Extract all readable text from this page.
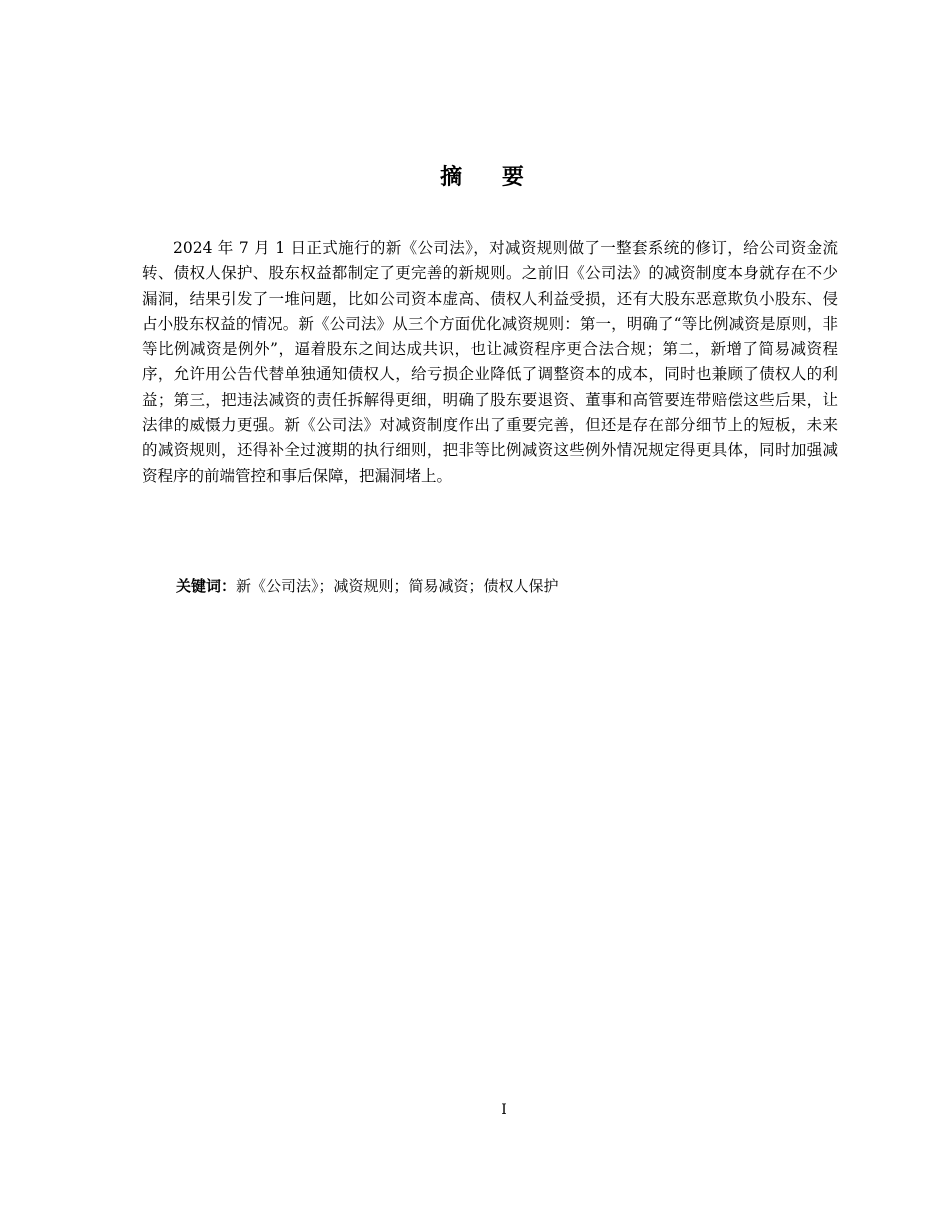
摘 要

2024 年 7 月 1 日正式施行的新《公司法》，对减资规则做了一整套系统的修订，给公司资金流转、债权人保护、股东权益都制定了更完善的新规则。之前旧《公司法》的减资制度本身就存在不少漏洞，结果引发了一堆问题，比如公司资本虚高、债权人利益受损，还有大股东恶意欺负小股东、侵占小股东权益的情况。新《公司法》从三个方面优化减资规则：第一，明确了“等比例减资是原则，非等比例减资是例外”，逼着股东之间达成共识，也让减资程序更合法合规；第二，新增了简易减资程序，允许用公告代替单独通知债权人，给亏损企业降低了调整资本的成本，同时也兼顾了债权人的利益；第三，把违法减资的责任拆解得更细，明确了股东要退资、董事和高管要连带赔偿这些后果，让法律的威慑力更强。新《公司法》对减资制度作出了重要完善，但还是存在部分细节上的短板，未来的减资规则，还得补全过渡期的执行细则，把非等比例减资这些例外情况规定得更具体，同时加强减资程序的前端管控和事后保障，把漏洞堵上。

关键词：新《公司法》；减资规则；简易减资；债权人保护

I
